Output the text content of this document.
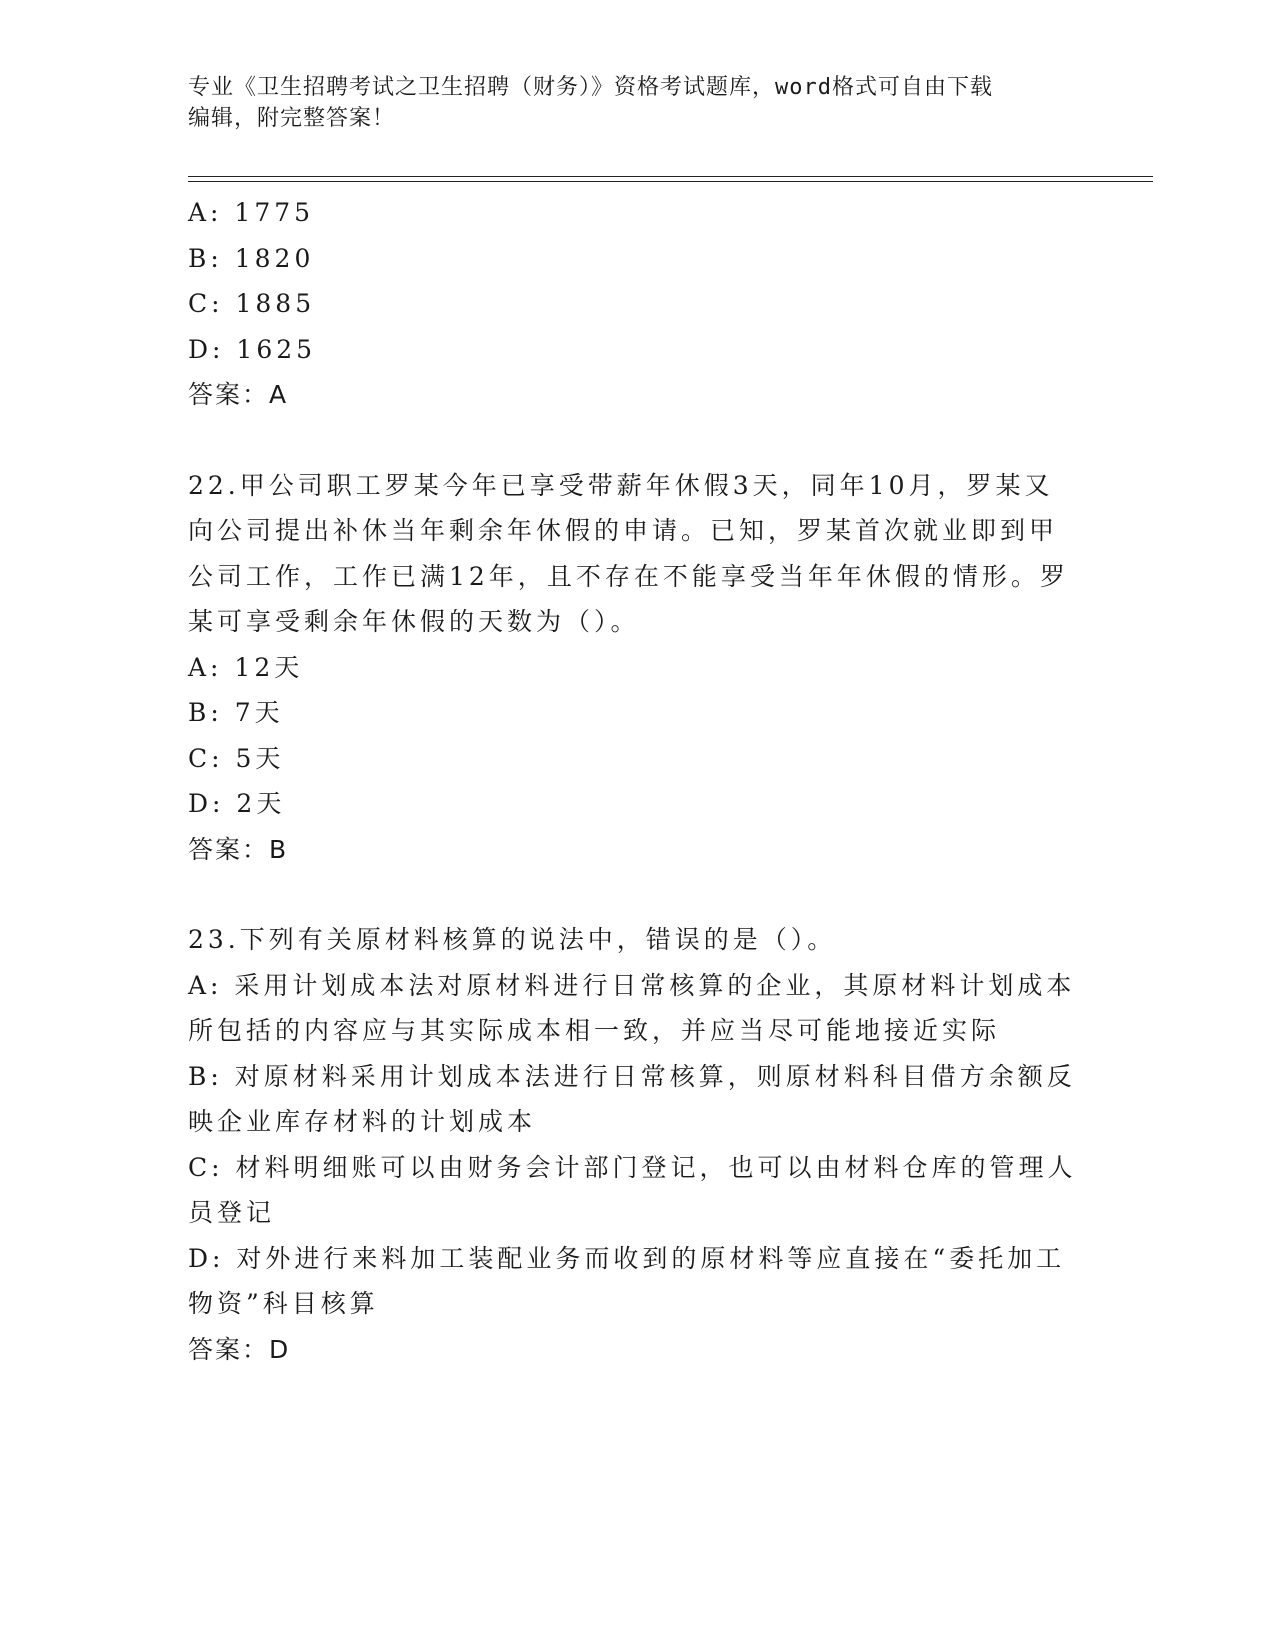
专业《卫生招聘考试之卫生招聘（财务）》资格考试题库，word格式可自由下载
编辑，附完整答案！
A: 1775
B: 1820
C: 1885
D: 1625
答案：A
22.甲公司职工罗某今年已享受带薪年休假3天，同年10月，罗某又
向公司提出补休当年剩余年休假的申请。已知，罗某首次就业即到甲
公司工作，工作已满12年，且不存在不能享受当年年休假的情形。罗
某可享受剩余年休假的天数为（）。
A: 12天
B: 7天
C: 5天
D: 2天
答案：B
23.下列有关原材料核算的说法中，错误的是（）。
A: 采用计划成本法对原材料进行日常核算的企业，其原材料计划成本
所包括的内容应与其实际成本相一致，并应当尽可能地接近实际
B: 对原材料采用计划成本法进行日常核算，则原材料科目借方余额反
映企业库存材料的计划成本
C: 材料明细账可以由财务会计部门登记，也可以由材料仓库的管理人
员登记
D: 对外进行来料加工装配业务而收到的原材料等应直接在“委托加工
物资”科目核算
答案：D
